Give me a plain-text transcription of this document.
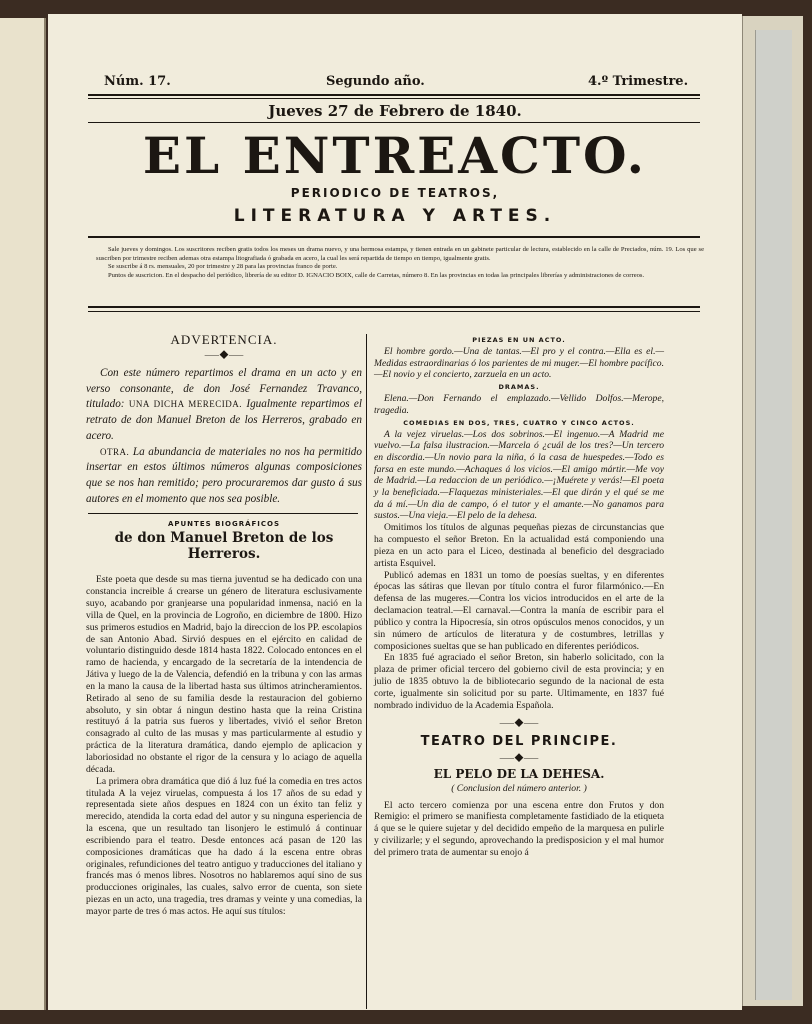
Núm. 17.	Segundo año.	4.º Trimestre.
Jueves 27 de Febrero de 1840.
EL ENTREACTO.
PERIODICO DE TEATROS,
LITERATURA Y ARTES.

Sale jueves y domingos. Los suscritores reciben gratis todos los meses un drama nuevo, y una hermosa estampa, y tienen entrada en un gabinete particular de lectura, establecido en la calle de Preciados, núm. 19. Los que se suscriben por trimestre reciben ademas otra estampa litografiada ó grabada en acero, la cual les será repartida de tiempo en tiempo, igualmente gratis.

Se suscribe á 8 rs. mensuales, 20 por trimestre y 28 para las provincias franco de porte.

Puntos de suscricion. En el despacho del periódico, librería de su editor D. IGNACIO BOIX, calle de Carretas, número 8. En las provincias en todas las principales librerías y administraciones de correos.

ADVERTENCIA.
⸺◆⸺

Con este número repartimos el drama en un acto y en verso consonante, de don José Fernandez Travanco, titulado: UNA DICHA MERECIDA. Igualmente repartimos el retrato de don Manuel Breton de los Herreros, grabado en acero.

OTRA. La abundancia de materiales no nos ha permitido insertar en estos últimos números algunas composiciones que se nos han remitido; pero procuraremos dar gusto á sus autores en el momento que nos sea posible.

APUNTES BIOGRÁFICOS
de don Manuel Breton de los Herreros.

Este poeta que desde su mas tierna juventud se ha dedicado con una constancia increible á crearse un género de literatura esclusivamente suyo, acabando por granjearse una popularidad inmensa, nació en la villa de Quel, en la provincia de Logroño, en diciembre de 1800. Hizo sus primeros estudios en Madrid, bajo la direccion de los PP. escolapios de san Antonio Abad. Sirvió despues en el ejército en calidad de voluntario distinguido desde 1814 hasta 1822. Colocado entonces en el ramo de hacienda, y encargado de la secretaría de la intendencia de Játiva y luego de la de Valencia, defendió en la tribuna y con las armas en la mano la causa de la libertad hasta sus últimos atrincheramientos. Retirado al seno de su familia desde la restauracion del gobierno absoluto, y sin obtar á ningun destino hasta que la reina Cristina restituyó á la patria sus fueros y libertades, vivió el señor Breton consagrado al culto de las musas y mas particularmente al estudio y práctica de la literatura dramática, dando ejemplo de aplicacion y laboriosidad no obstante el rigor de la censura y lo aciago de aquella década.

La primera obra dramática que dió á luz fué la comedia en tres actos titulada A la vejez viruelas, compuesta á los 17 años de su edad y representada siete años despues en 1824 con un éxito tan feliz y merecido, atendida la corta edad del autor y su ninguna esperiencia de la escena, que un resultado tan lisonjero le estimuló á continuar escribiendo para el teatro. Desde entonces acá pasan de 120 las composiciones dramáticas que ha dado á la escena entre obras originales, refundiciones del teatro antiguo y traducciones del italiano y francés mas ó menos libres. Nosotros no hablaremos aquí sino de sus producciones originales, las cuales, salvo error de cuenta, son siete piezas en un acto, una tragedia, tres dramas y veinte y una comedias, la mayor parte de tres ó mas actos. He aquí sus títulos:

PIEZAS EN UN ACTO.

El hombre gordo.—Una de tantas.—El pro y el contra.—Ella es el.—Medidas estraordinarias ó los parientes de mi muger.—El hombre pacífico.—El novio y el concierto, zarzuela en un acto.

DRAMAS.

Elena.—Don Fernando el emplazado.—Vellido Dolfos.—Merope, tragedia.

COMEDIAS EN DOS, TRES, CUATRO Y CINCO ACTOS.

A la vejez viruelas.—Los dos sobrinos.—El ingenuo.—A Madrid me vuelvo.—La falsa ilustracion.—Marcela ó ¿cuál de los tres?—Un tercero en discordia.—Un novio para la niña, ó la casa de huespedes.—Todo es farsa en este mundo.—Achaques á los vicios.—El amigo mártir.—Me voy de Madrid.—La redaccion de un periódico.—¡Muérete y verás!—El poeta y la beneficiada.—Flaquezas ministeriales.—El que dirán y el qué se me da á mí.—Un dia de campo, ó el tutor y el amante.—No ganamos para sustos.—Una vieja.—El pelo de la dehesa.

Omitimos los títulos de algunas pequeñas piezas de circunstancias que ha compuesto el señor Breton. En la actualidad está componiendo una pieza en un acto para el Liceo, destinada al beneficio del desgraciado artista Esquivel.

Publicó ademas en 1831 un tomo de poesías sueltas, y en diferentes épocas las sátiras que llevan por título contra el furor filarmónico.—En defensa de las mugeres.—Contra los vicios introducidos en el arte de la declamacion teatral.—El carnaval.—Contra la manía de escribir para el público y contra la Hipocresía, sin otros opúsculos menos conocidos, y un sin número de artículos de literatura y de costumbres, letrillas y composiciones sueltas que se han publicado en diferentes periódicos.

En 1835 fué agraciado el señor Breton, sin haberlo solicitado, con la plaza de primer oficial tercero del gobierno civil de esta provincia; y en julio de 1835 obtuvo la de bibliotecario segundo de la nacional de esta corte, igualmente sin solicitud por su parte. Ultimamente, en 1837 fué nombrado individuo de la Academia Española.

⸺◆⸺
TEATRO DEL PRINCIPE.
⸺◆⸺
EL PELO DE LA DEHESA.
( Conclusion del número anterior. )

El acto tercero comienza por una escena entre don Frutos y don Remigio: el primero se manifiesta completamente fastidiado de la etiqueta á que se le quiere sujetar y del decidido empeño de la marquesa en pulirle y civilizarle; y el segundo, aprovechando la predisposicion y el mal humor del primero trata de aumentar su enojo á
